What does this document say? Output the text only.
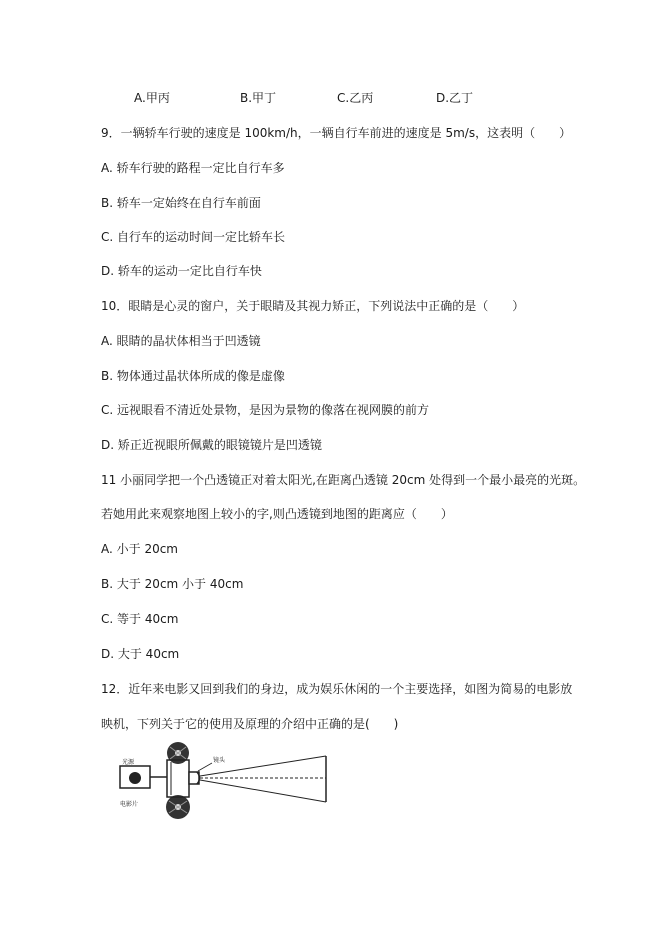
A.甲丙	B.甲丁	C.乙丙	D.乙丁
9．一辆轿车行驶的速度是 100km/h，一辆自行车前进的速度是 5m/s，这表明（　　）
A. 轿车行驶的路程一定比自行车多
B. 轿车一定始终在自行车前面
C. 自行车的运动时间一定比轿车长
D. 轿车的运动一定比自行车快
10．眼睛是心灵的窗户，关于眼睛及其视力矫正，下列说法中正确的是（　　）
A. 眼睛的晶状体相当于凹透镜
B. 物体通过晶状体所成的像是虚像
C. 远视眼看不清近处景物，是因为景物的像落在视网膜的前方
D. 矫正近视眼所佩戴的眼镜镜片是凹透镜
11 小丽同学把一个凸透镜正对着太阳光,在距离凸透镜 20cm 处得到一个最小最亮的光斑。
若她用此来观察地图上较小的字,则凸透镜到地图的距离应（　　）
A. 小于 20cm
B. 大于 20cm 小于 40cm
C. 等于 40cm
D. 大于 40cm
12．近年来电影又回到我们的身边，成为娱乐休闲的一个主要选择，如图为简易的电影放
映机，下列关于它的使用及原理的介绍中正确的是(　　)
光源	镜头
电影片
